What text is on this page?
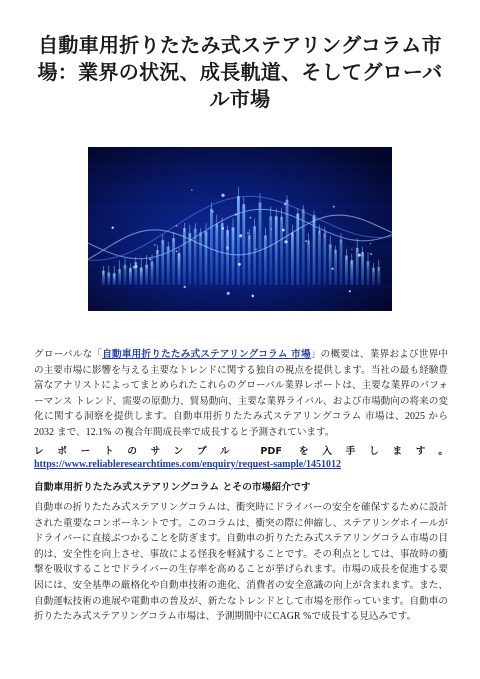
自動車用折りたたみ式ステアリングコラム市場：業界の状況、成長軌道、そしてグローバル市場

グローバルな「自動車用折りたたみ式ステアリングコラム 市場」の概要は、業界および世界中の主要市場に影響を与える主要なトレンドに関する独自の視点を提供します。当社の最も経験豊富なアナリストによってまとめられたこれらのグローバル業界レポートは、主要な業界のパフォーマンス トレンド、需要の原動力、貿易動向、主要な業界ライバル、および市場動向の将来の変化に関する洞察を提供します。自動車用折りたたみ式ステアリングコラム 市場は、2025 から 2032 まで、12.1% の複合年間成長率で成長すると予測されています。

レポートのサンプル PDF を入手します。https://www.reliableresearchtimes.com/enquiry/request-sample/1451012

自動車用折りたたみ式ステアリングコラム とその市場紹介です

自動車の折りたたみ式ステアリングコラムは、衝突時にドライバーの安全を確保するために設計された重要なコンポーネントです。このコラムは、衝突の際に伸縮し、ステアリングホイールがドライバーに直接ぶつかることを防ぎます。自動車の折りたたみ式ステアリングコラム市場の目的は、安全性を向上させ、事故による怪我を軽減することです。その利点としては、事故時の衝撃を吸収することでドライバーの生存率を高めることが挙げられます。市場の成長を促進する要因には、安全基準の厳格化や自動車技術の進化、消費者の安全意識の向上が含まれます。また、自動運転技術の進展や電動車の普及が、新たなトレンドとして市場を形作っています。自動車の折りたたみ式ステアリングコラム市場は、予測期間中にCAGR %で成長する見込みです。
